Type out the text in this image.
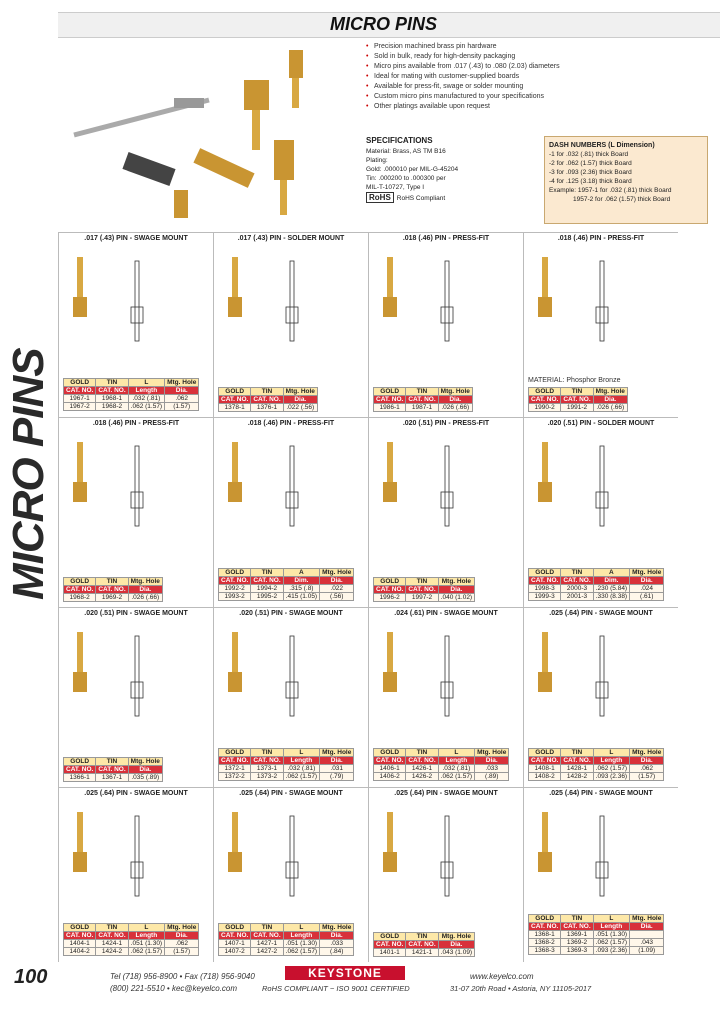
MICRO PINS
MICRO PINS
• Precision machined brass pin hardware
• Sold in bulk, ready for high-density packaging
• Micro pins available from .017 (.43) to .080 (2.03) diameters
• Ideal for mating with customer-supplied boards
• Available for press-fit, swage or solder mounting
• Custom micro pins manufactured to your specifications
• Other platings available upon request
SPECIFICATIONS
Material: Brass, AS TM B16
Plating:
Gold: .000010 per MIL-G-45204
Tin: .000200 to .000300 per
MIL-T-10727, Type I
RoHS RoHS Compliant
DASH NUMBERS (L Dimension)
-1 for .032 (.81) thick Board
-2 for .062 (1.57) thick Board
-3 for .093 (2.36) thick Board
-4 for .125 (3.18) thick Board
Example: 1957-1 for .032 (.81) thick Board
1957-2 for .062 (1.57) thick Board
.017 (.43) PIN - SWAGE MOUNT
GOLD	TIN	L	Mtg. Hole
CAT. NO.	CAT. NO.	Length	Dia.
1967-1	1968-1	.032 (.81)	.062
1967-2	1968-2	.062 (1.57)	(1.57)
.017 (.43) PIN - SOLDER MOUNT
GOLD	TIN	Mtg. Hole
CAT. NO.	CAT. NO.	Dia.
1378-1	1376-1	.022 (.56)
.018 (.46) PIN - PRESS-FIT
GOLD	TIN	Mtg. Hole
CAT. NO.	CAT. NO.	Dia.
1986-1	1987-1	.026 (.66)
.018 (.46) PIN - PRESS-FIT
MATERIAL: Phosphor Bronze
GOLD	TIN	Mtg. Hole
CAT. NO.	CAT. NO.	Dia.
1990-2	1991-2	.026 (.66)
.018 (.46) PIN - PRESS-FIT
GOLD	TIN	Mtg. Hole
CAT. NO.	CAT. NO.	Dia.
1968-2	1969-2	.026 (.66)
.018 (.46) PIN - PRESS-FIT
GOLD	TIN	A	Mtg. Hole
CAT. NO.	CAT. NO.	Dim.	Dia.
1992-2	1994-2	.315 (.8)	.022
1993-2	1995-2	.415 (1.05)	(.56)
.020 (.51) PIN - PRESS-FIT
GOLD	TIN	Mtg. Hole
CAT. NO.	CAT. NO.	Dia.
1996-2	1997-2	.040 (1.02)
.020 (.51) PIN - SOLDER MOUNT
GOLD	TIN	A	Mtg. Hole
CAT. NO.	CAT. NO.	Dim.	Dia.
1998-3	2000-3	.230 (5.84)	.024
1999-3	2001-3	.330 (8.38)	(.61)
.020 (.51) PIN - SWAGE MOUNT
GOLD	TIN	Mtg. Hole
CAT. NO.	CAT. NO.	Dia.
1366-1	1367-1	.035 (.89)
.020 (.51) PIN - SWAGE MOUNT
GOLD	TIN	L	Mtg. Hole
CAT. NO.	CAT. NO.	Length	Dia.
1372-1	1373-1	.032 (.81)	.031
1372-2	1373-2	.062 (1.57)	(.79)
.024 (.61) PIN - SWAGE MOUNT
GOLD	TIN	L	Mtg. Hole
CAT. NO.	CAT. NO.	Length	Dia.
1406-1	1426-1	.032 (.81)	.033
1406-2	1426-2	.062 (1.57)	(.89)
.025 (.64) PIN - SWAGE MOUNT
GOLD	TIN	L	Mtg. Hole
CAT. NO.	CAT. NO.	Length	Dia.
1408-1	1428-1	.062 (1.57)	.062
1408-2	1428-2	.093 (2.36)	(1.57)
.025 (.64) PIN - SWAGE MOUNT
GOLD	TIN	L	Mtg. Hole
CAT. NO.	CAT. NO.	Length	Dia.
1404-1	1424-1	.051 (1.30)	.062
1404-2	1424-2	.062 (1.57)	(1.57)
.025 (.64) PIN - SWAGE MOUNT
GOLD	TIN	L	Mtg. Hole
CAT. NO.	CAT. NO.	Length	Dia.
1407-1	1427-1	.051 (1.30)	.033
1407-2	1427-2	.062 (1.57)	(.84)
.025 (.64) PIN - SWAGE MOUNT
GOLD	TIN	Mtg. Hole
CAT. NO.	CAT. NO.	Dia.
1401-1	1421-1	.043 (1.09)
.025 (.64) PIN - SWAGE MOUNT
GOLD	TIN	L	Mtg. Hole
CAT. NO.	CAT. NO.	Length	Dia.
1368-1	1369-1	.051 (1.30)	
1368-2	1369-2	.062 (1.57)	.043
1368-3	1369-3	.093 (2.36)	(1.09)
100	Tel (718) 956-8900 • Fax (718) 956-9040
(800) 221-5510 • kec@keyelco.com
KEYSTONE
RoHS COMPLIANT ~ ISO 9001 CERTIFIED
www.keyelco.com
31-07 20th Road • Astoria, NY 11105-2017
